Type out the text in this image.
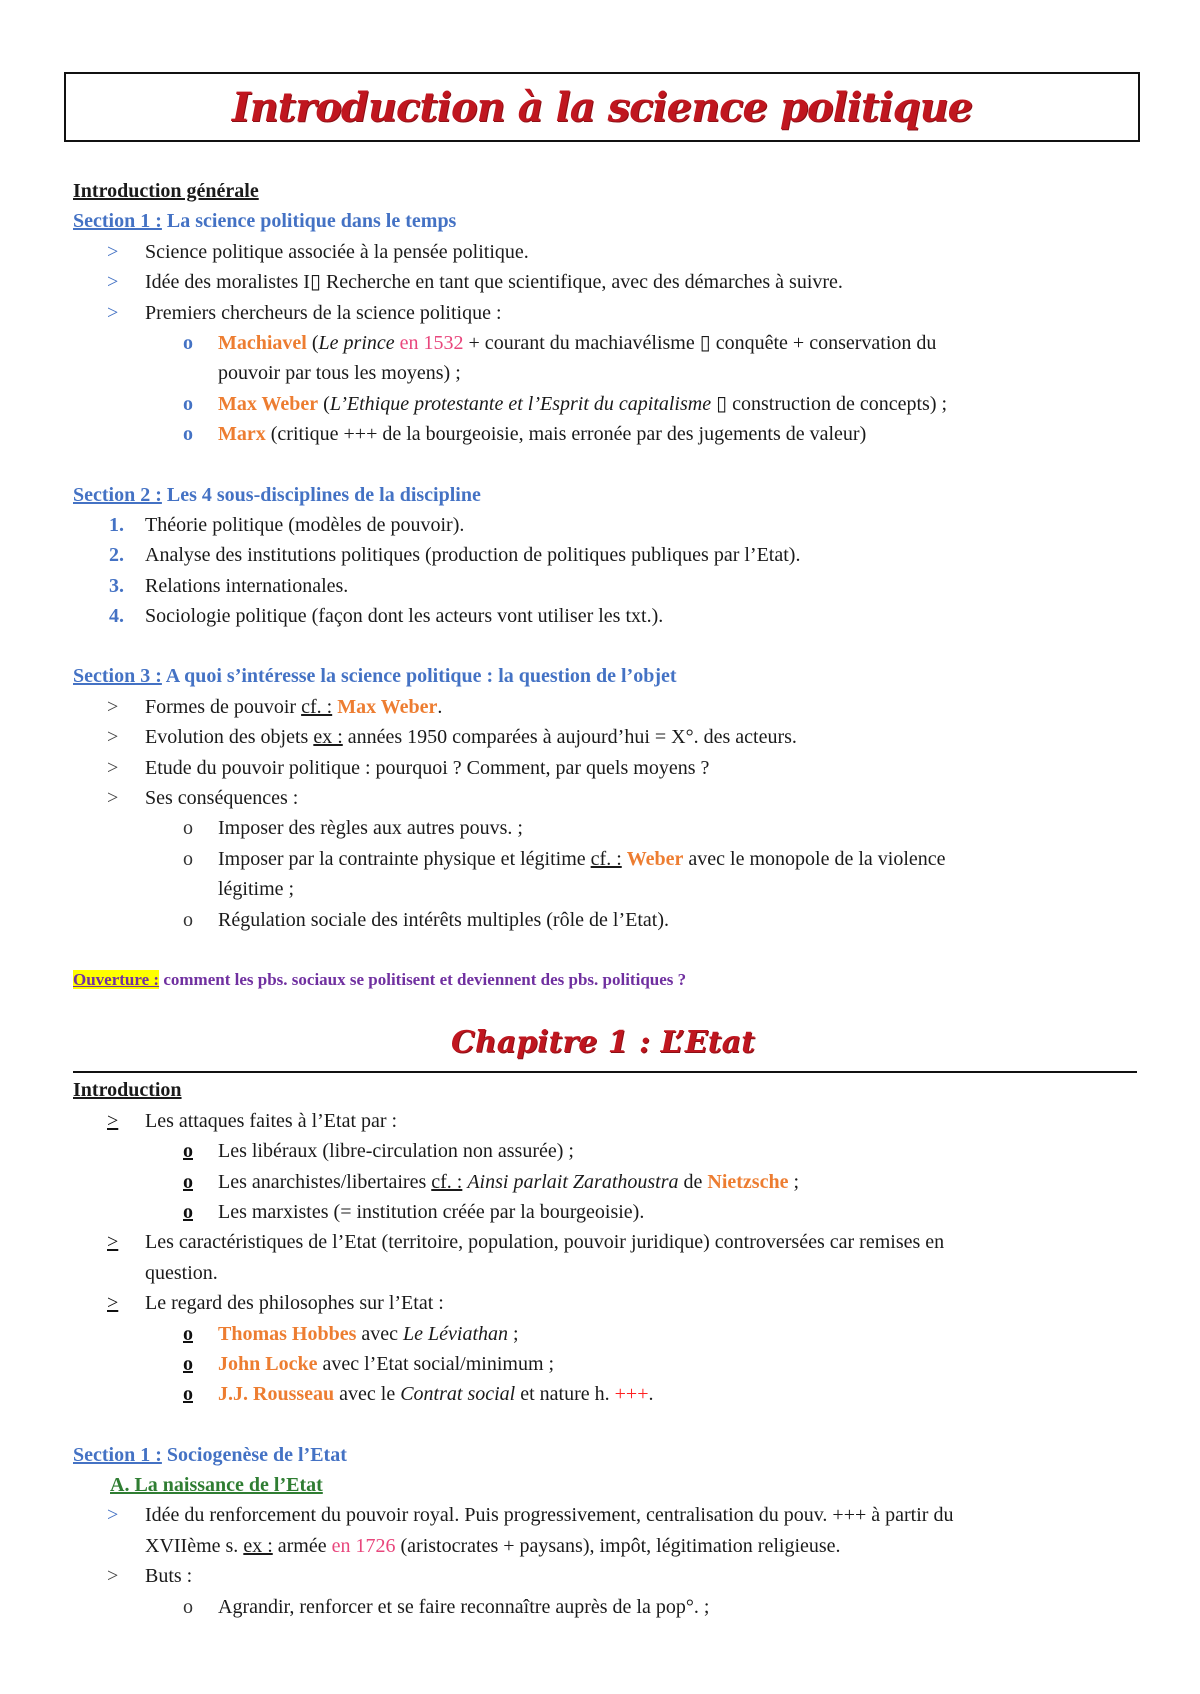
Introduction à la science politique
Introduction générale
Section 1 : La science politique dans le temps
> Science politique associée à la pensée politique.
> Idée des moralistes I▯ Recherche en tant que scientifique, avec des démarches à suivre.
> Premiers chercheurs de la science politique :
o Machiavel (Le prince en 1532 + courant du machiavélisme ▯ conquête + conservation du
pouvoir par tous les moyens) ;
o Max Weber (L’Ethique protestante et l’Esprit du capitalisme ▯ construction de concepts) ;
o Marx (critique +++ de la bourgeoisie, mais erronée par des jugements de valeur)
Section 2 : Les 4 sous-disciplines de la discipline
1. Théorie politique (modèles de pouvoir).
2. Analyse des institutions politiques (production de politiques publiques par l’Etat).
3. Relations internationales.
4. Sociologie politique (façon dont les acteurs vont utiliser les txt.).
Section 3 : A quoi s’intéresse la science politique : la question de l’objet
> Formes de pouvoir cf. : Max Weber.
> Evolution des objets ex : années 1950 comparées à aujourd’hui = X°. des acteurs.
> Etude du pouvoir politique : pourquoi ? Comment, par quels moyens ?
> Ses conséquences :
o Imposer des règles aux autres pouvs. ;
o Imposer par la contrainte physique et légitime cf. : Weber avec le monopole de la violence
légitime ;
o Régulation sociale des intérêts multiples (rôle de l’Etat).
Ouverture : comment les pbs. sociaux se politisent et deviennent des pbs. politiques ?
Chapitre 1 : L’Etat
Introduction
> Les attaques faites à l’Etat par :
o Les libéraux (libre-circulation non assurée) ;
o Les anarchistes/libertaires cf. : Ainsi parlait Zarathoustra de Nietzsche ;
o Les marxistes (= institution créée par la bourgeoisie).
> Les caractéristiques de l’Etat (territoire, population, pouvoir juridique) controversées car remises en
question.
> Le regard des philosophes sur l’Etat :
o Thomas Hobbes avec Le Léviathan ;
o John Locke avec l’Etat social/minimum ;
o J.J. Rousseau avec le Contrat social et nature h. +++.
Section 1 : Sociogenèse de l’Etat
A. La naissance de l’Etat
> Idée du renforcement du pouvoir royal. Puis progressivement, centralisation du pouv. +++ à partir du
XVIIème s. ex : armée en 1726 (aristocrates + paysans), impôt, légitimation religieuse.
> Buts :
o Agrandir, renforcer et se faire reconnaître auprès de la pop°. ;
